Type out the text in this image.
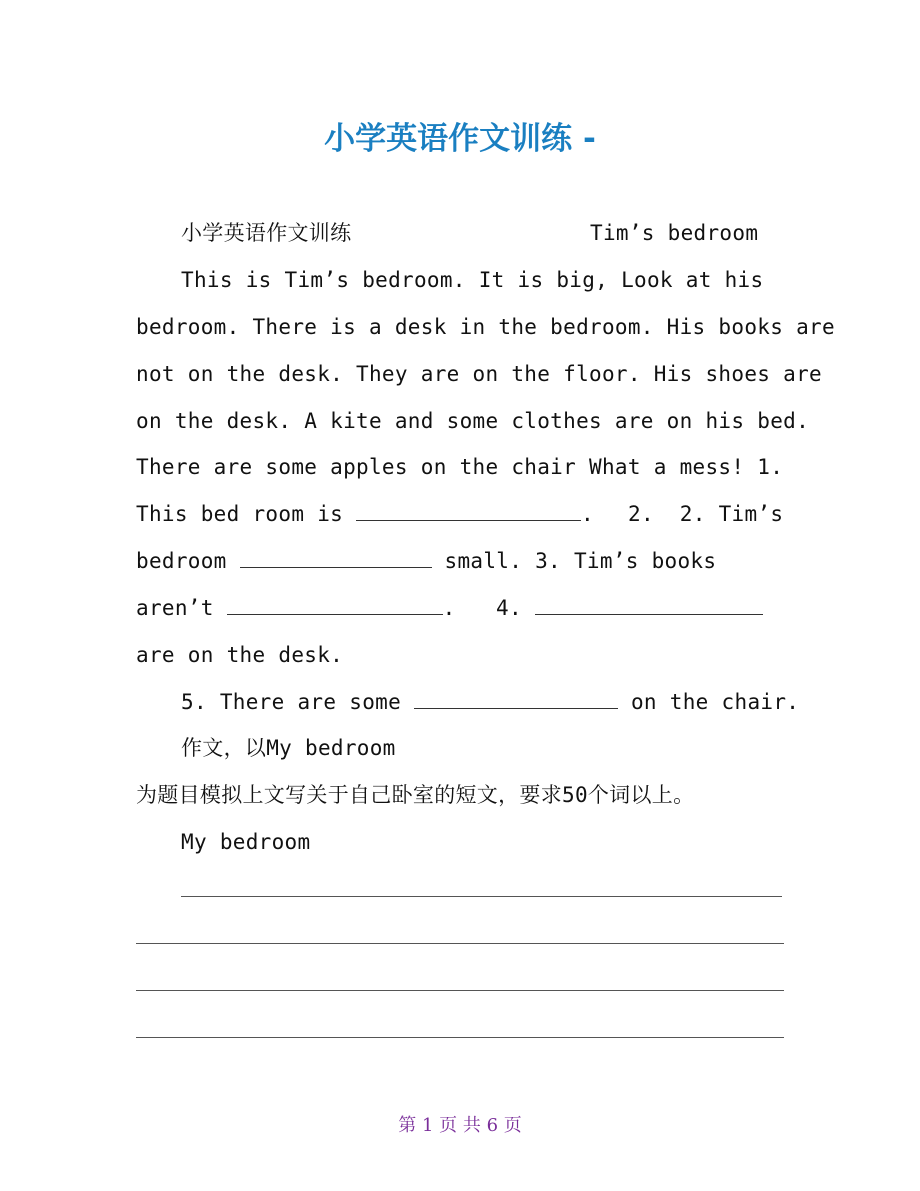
小学英语作文训练 -
小学英语作文训练	Tim’s bedroom
This is Tim’s bedroom. It is big, Look at his
bedroom. There is a desk in the bedroom. His books are
not on the desk. They are on the floor. His shoes are
on the desk. A kite and some clothes are on his bed.
There are some apples on the chair What a mess! 1.
This bed room is	. 2.  2. Tim’s
bedroom	small. 3. Tim’s books
aren’t	. 4.
are on the desk.
5. There are some	on the chair.
作文，以My bedroom
为题目模拟上文写关于自己卧室的短文，要求50个词以上。
My bedroom
第 1 页 共 6 页
